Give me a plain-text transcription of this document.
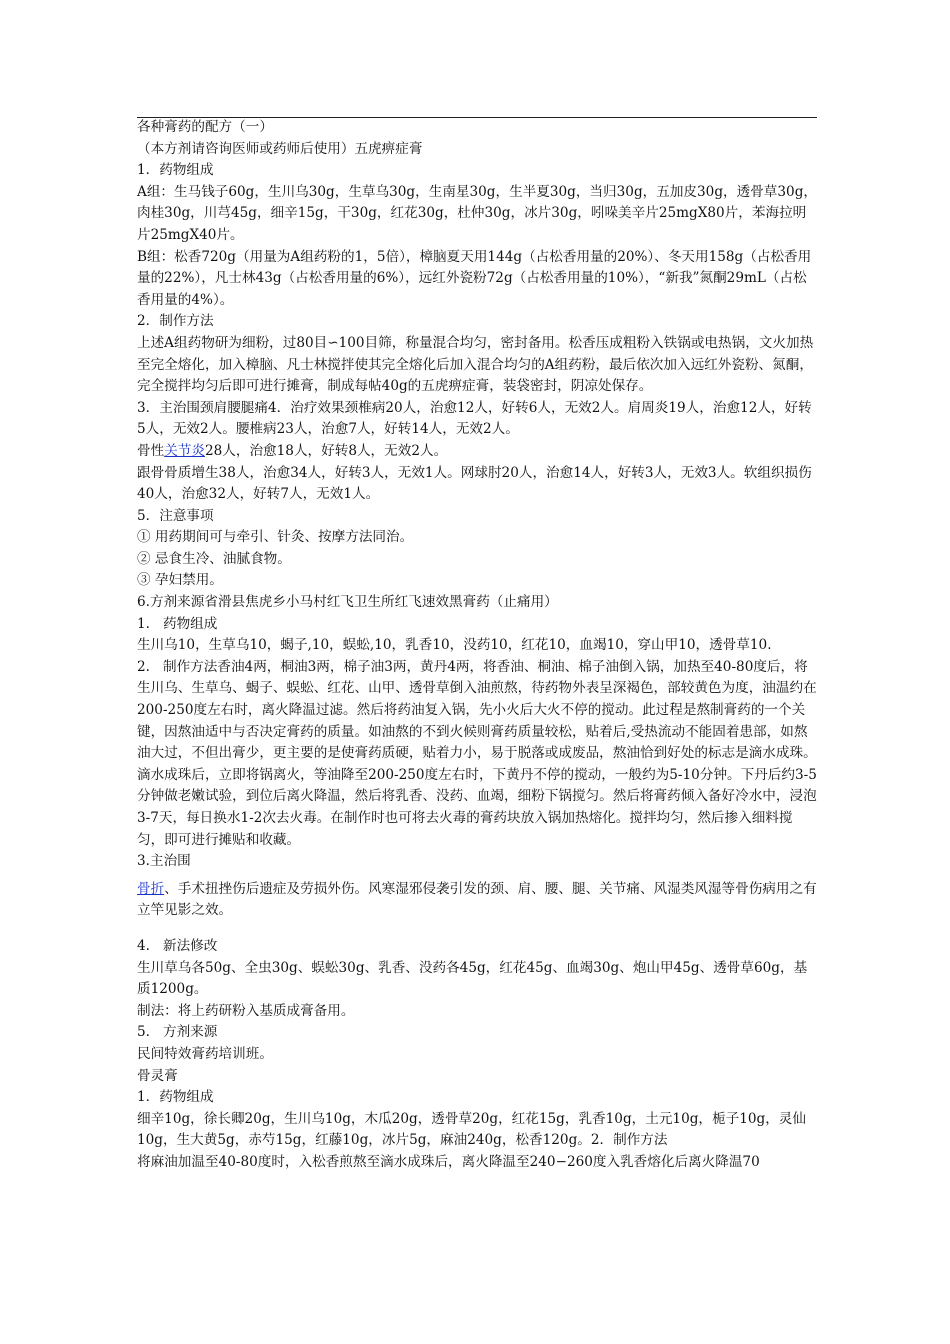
各种膏药的配方（一）

（本方剂请咨询医师或药师后使用）五虎痹症膏

1．药物组成

A组：生马钱子60g，生川乌30g，生草乌30g，生南星30g，生半夏30g，当归30g，五加皮30g，透骨草30g，肉桂30g，川芎45g，细辛15g，干30g，红花30g，杜仲30g，冰片30g，吲哚美辛片25mgX80片，苯海拉明片25mgX40片。

B组：松香720g（用量为A组药粉的1，5倍），樟脑夏天用144g（占松香用量的20%）、冬天用158g（占松香用量的22%），凡士林43g（占松香用量的6%），远红外瓷粉72g（占松香用量的10%），“新我”氮酮29mL（占松香用量的4%）。

2．制作方法

上述A组药物研为细粉，过80目∽100目筛，称量混合均匀，密封备用。松香压成粗粉入铁锅或电热锅，文火加热至完全熔化，加入樟脑、凡士林搅拌使其完全熔化后加入混合均匀的A组药粉，最后依次加入远红外瓷粉、氮酮，完全搅拌均匀后即可进行摊膏，制成每帖40g的五虎痹症膏，装袋密封，阴凉处保存。

3．主治围颈肩腰腿痛4．治疗效果颈椎病20人，治愈12人，好转6人，无效2人。肩周炎19人，治愈12人，好转5人，无效2人。腰椎病23人，治愈7人，好转14人，无效2人。

骨性关节炎28人，治愈18人，好转8人，无效2人。

跟骨骨质增生38人，治愈34人，好转3人，无效1人。网球肘20人，治愈14人，好转3人，无效3人。软组织损伤40人，治愈32人，好转7人，无效1人。

5．注意事项

① 用药期间可与牵引、针灸、按摩方法同治。

② 忌食生冷、油腻食物。

③ 孕妇禁用。

6.方剂来源省滑县焦虎乡小马村红飞卫生所红飞速效黑膏药（止痛用）

1. 药物组成

生川乌10，生草乌10，蝎子,10，蜈蚣,10，乳香10，没药10，红花10，血竭10，穿山甲10，透骨草10.

2. 制作方法香油4两，桐油3两，棉子油3两，黄丹4两，将香油、桐油、棉子油倒入锅，加热至40-80度后，将生川乌、生草乌、蝎子、蜈蚣、红花、山甲、透骨草倒入油煎熬，待药物外表呈深褐色，部较黄色为度，油温约在200-250度左右时，离火降温过滤。然后将药油复入锅，先小火后大火不停的搅动。此过程是熬制膏药的一个关键，因熬油适中与否决定膏药的质量。如油熬的不到火候则膏药质量较松，贴着后,受热流动不能固着患部，如熬油大过，不但出膏少，更主要的是使膏药质硬，贴着力小，易于脱落或成废品，熬油恰到好处的标志是滴水成珠。滴水成珠后，立即将锅离火，等油降至200-250度左右时，下黄丹不停的搅动，一般约为5-10分钟。下丹后约3-5分钟做老嫩试验，到位后离火降温，然后将乳香、没药、血竭，细粉下锅搅匀。然后将膏药倾入备好冷水中，浸泡3-7天，每日换水1-2次去火毒。在制作时也可将去火毒的膏药块放入锅加热熔化。搅拌均匀，然后掺入细料搅匀，即可进行摊贴和收藏。

3.主治围

骨折、手术扭挫伤后遗症及劳损外伤。风寒湿邪侵袭引发的颈、肩、腰、腿、关节痛、风湿类风湿等骨伤病用之有立竿见影之效。

4. 新法修改

生川草乌各50g、全虫30g、蜈蚣30g、乳香、没药各45g，红花45g、血竭30g、炮山甲45g、透骨草60g，基质1200g。

制法：将上药研粉入基质成膏备用。

5. 方剂来源

民间特效膏药培训班。

骨灵膏

1．药物组成

细辛10g，徐长卿20g，生川乌10g，木瓜20g，透骨草20g，红花15g，乳香10g，土元10g，栀子10g，灵仙10g，生大黄5g，赤芍15g，红藤10g，冰片5g，麻油240g，松香120g。2．制作方法

将麻油加温至40-80度时，入松香煎熬至滴水成珠后，离火降温至240−260度入乳香熔化后离火降温70
